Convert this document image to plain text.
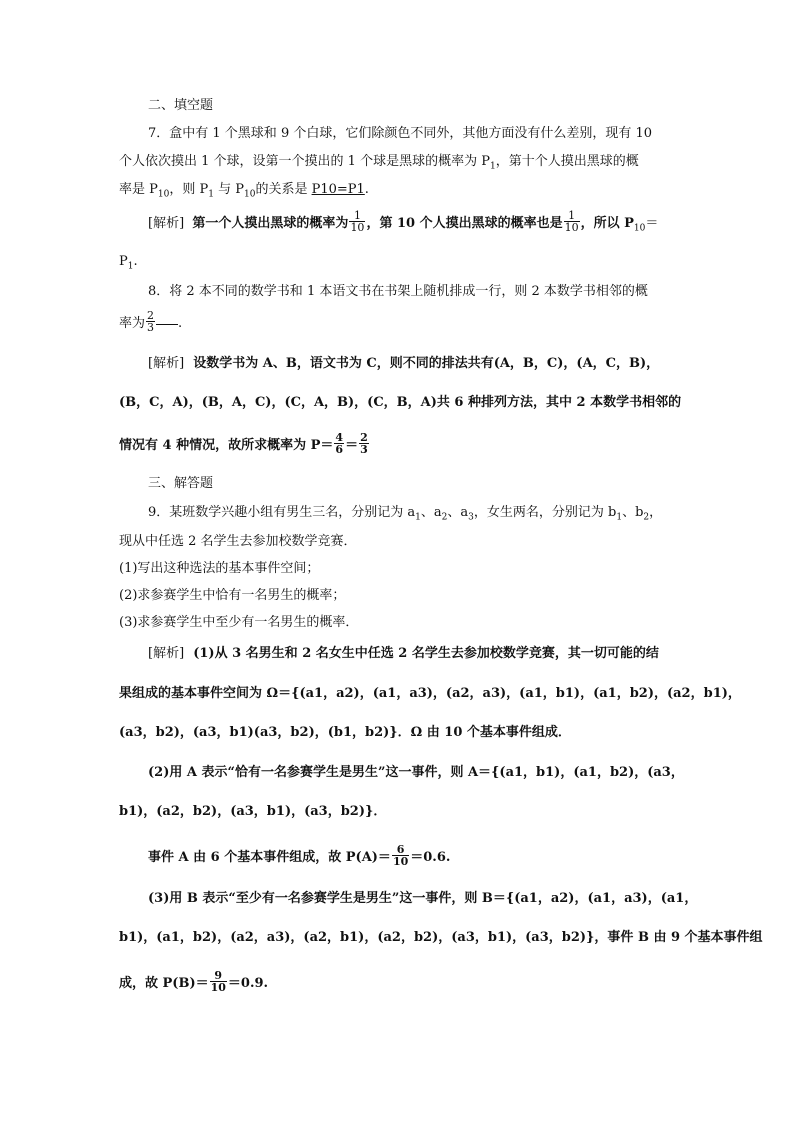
二、填空题
7．盒中有 1 个黑球和 9 个白球，它们除颜色不同外，其他方面没有什么差别，现有 10
个人依次摸出 1 个球，设第一个摸出的 1 个球是黑球的概率为 $P_1$，第十个人摸出黑球的概
率是 $P_{10}$，则 $P_1$ 与 $P_{10}$的关系是 P10=P1.
[解析] 第一个人摸出黑球的概率为 $\frac{1}{10}$ ，第 10 个人摸出黑球的概率也是 $\frac{1}{10}$ ，所以 $P_{10}=$
$P_1$.
8．将 2 本不同的数学书和 1 本语文书在书架上随机排成一行，则 2 本数学书相邻的概
率为 $\frac{2}{3}$ .
[解析] 设数学书为 A、B，语文书为 C，则不同的排法共有(A，B，C)，(A，C，B)，
(B，C，A)，(B，A，C)，(C，A，B)，(C，B，A)共 6 种排列方法，其中 2 本数学书相邻的
情况有 4 种情况，故所求概率为 $P= \frac{4}{6} = \frac{2}{3}$
三、解答题
9．某班数学兴趣小组有男生三名，分别记为 $a_1$、$a_2$、$a_3$，女生两名，分别记为 $b_1$、$b_2$，
现从中任选 2 名学生去参加校数学竞赛．
(1)写出这种选法的基本事件空间；
(2)求参赛学生中恰有一名男生的概率；
(3)求参赛学生中至少有一名男生的概率．
[解析] (1)从 3 名男生和 2 名女生中任选 2 名学生去参加校数学竞赛，其一切可能的结
果组成的基本事件空间为 Ω＝{(a1，a2)，(a1，a3)，(a2，a3)，(a1，b1)，(a1，b2)，(a2，b1)，
(a3，b2)，(a3，b1)(a3，b2)，(b1，b2)}．Ω 由 10 个基本事件组成．
(2)用 A 表示“恰有一名参赛学生是男生”这一事件，则 A＝{(a1，b1)，(a1，b2)，(a3，
b1)，(a2，b2)，(a3，b1)，(a3，b2)}．
事件 A 由 6 个基本事件组成，故 $P(A)= \frac{6}{10} =0.6$.
(3)用 B 表示“至少有一名参赛学生是男生”这一事件，则 B＝{(a1，a2)，(a1，a3)，(a1，
b1)，(a1，b2)，(a2，a3)，(a2，b1)，(a2，b2)，(a3，b1)，(a3，b2)}，事件 B 由 9 个基本事件组
成，故 $P(B)= \frac{9}{10} =0.9$.
